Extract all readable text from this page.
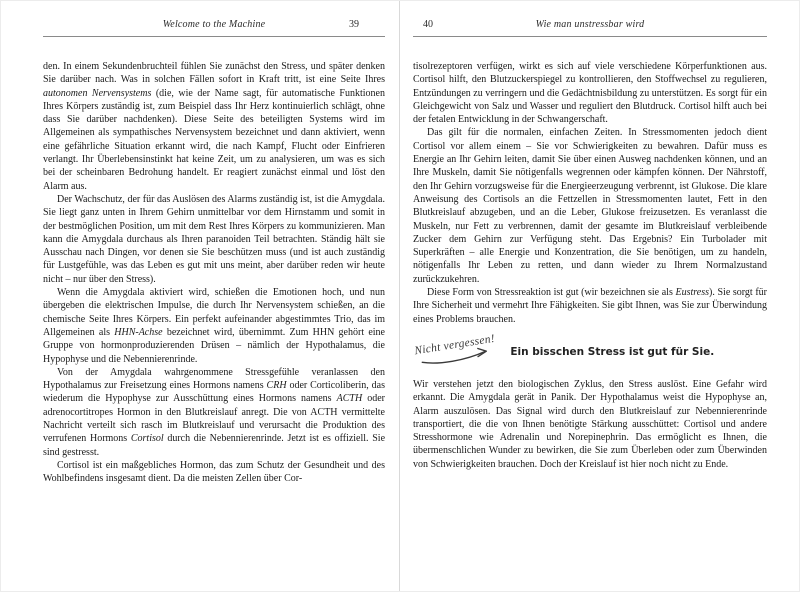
Welcome to the Machine	39

den. In einem Sekundenbruchteil fühlen Sie zunächst den Stress, und später denken Sie darüber nach. Was in solchen Fällen sofort in Kraft tritt, ist eine Seite Ihres autonomen Nervensystems (die, wie der Name sagt, für automatische Funktionen Ihres Körpers zuständig ist, zum Beispiel dass Ihr Herz kontinuierlich schlägt, ohne dass Sie darüber nachdenken). Diese Seite des beteiligten Systems wird im Allgemeinen als sympathisches Nervensystem bezeichnet und dann aktiviert, wenn eine gefährliche Situation erkannt wird, die nach Kampf, Flucht oder Einfrieren verlangt. Ihr Überlebensinstinkt hat keine Zeit, um zu analysieren, um was es sich bei der scheinbaren Bedrohung handelt. Er reagiert zunächst einmal und löst den Alarm aus.

Der Wachschutz, der für das Auslösen des Alarms zuständig ist, ist die Amygdala. Sie liegt ganz unten in Ihrem Gehirn unmittelbar vor dem Hirnstamm und somit in der bestmöglichen Position, um mit dem Rest Ihres Körpers zu kommunizieren. Man kann die Amygdala durchaus als Ihren paranoiden Teil betrachten. Ständig hält sie Ausschau nach Dingen, vor denen sie Sie beschützen muss (und ist auch zuständig für Lustgefühle, was das Leben es gut mit uns meint, aber darüber reden wir heute nicht – nur über den Stress).

Wenn die Amygdala aktiviert wird, schießen die Emotionen hoch, und nun übergeben die elektrischen Impulse, die durch Ihr Nervensystem schießen, an die chemische Seite Ihres Körpers. Ein perfekt aufeinander abgestimmtes Trio, das im Allgemeinen als HHN-Achse bezeichnet wird, übernimmt. Zum HHN gehört eine Gruppe von hormonproduzierenden Drüsen – nämlich der Hypothalamus, die Hypophyse und die Nebennierenrinde.

Von der Amygdala wahrgenommene Stressgefühle veranlassen den Hypothalamus zur Freisetzung eines Hormons namens CRH oder Corticoliberin, das wiederum die Hypophyse zur Ausschüttung eines Hormons namens ACTH oder adrenocortitropes Hormon in den Blutkreislauf anregt. Die von ACTH vermittelte Nachricht verteilt sich rasch im Blutkreislauf und verursacht die Produktion des verrufenen Hormons Cortisol durch die Nebennierenrinde. Jetzt ist es offiziell. Sie sind gestresst.

Cortisol ist ein maßgebliches Hormon, das zum Schutz der Gesundheit und des Wohlbefindens insgesamt dient. Da die meisten Zellen über Cor-

40	Wie man unstressbar wird

tisolrezeptoren verfügen, wirkt es sich auf viele verschiedene Körperfunktionen aus. Cortisol hilft, den Blutzuckerspiegel zu kontrollieren, den Stoffwechsel zu regulieren, Entzündungen zu verringern und die Gedächtnisbildung zu unterstützen. Es sorgt für ein Gleichgewicht von Salz und Wasser und reguliert den Blutdruck. Cortisol hilft auch bei der fetalen Entwicklung in der Schwangerschaft.

Das gilt für die normalen, einfachen Zeiten. In Stressmomenten jedoch dient Cortisol vor allem einem – Sie vor Schwierigkeiten zu bewahren. Dafür muss es Energie an Ihr Gehirn leiten, damit Sie über einen Ausweg nachdenken können, und an Ihre Muskeln, damit Sie nötigenfalls wegrennen oder kämpfen können. Der Nährstoff, den Ihr Gehirn vorzugsweise für die Energieerzeugung verbrennt, ist Glukose. Die klare Anweisung des Cortisols an die Fettzellen in Stressmomenten lautet, Fett in den Blutkreislauf abzugeben, und an die Leber, Glukose freizusetzen. Es veranlasst die Muskeln, nur Fett zu verbrennen, damit der gesamte im Blutkreislauf verbleibende Zucker dem Gehirn zur Verfügung steht. Das Ergebnis? Ein Turbolader mit Superkräften – alle Energie und Konzentration, die Sie benötigen, um zu handeln, nötigenfalls Ihr Leben zu retten, und dann wieder zu Ihrem Normalzustand zurückzukehren.

Diese Form von Stressreaktion ist gut (wir bezeichnen sie als Eustress). Sie sorgt für Ihre Sicherheit und vermehrt Ihre Fähigkeiten. Sie gibt Ihnen, was Sie zur Überwindung eines Problems brauchen.

Nicht vergessen! Ein bisschen Stress ist gut für Sie.

Wir verstehen jetzt den biologischen Zyklus, den Stress auslöst. Eine Gefahr wird erkannt. Die Amygdala gerät in Panik. Der Hypothalamus weist die Hypophyse an, Alarm auszulösen. Das Signal wird durch den Blutkreislauf zur Nebennierenrinde transportiert, die die von Ihnen benötigte Stärkung ausschüttet: Cortisol und andere Stresshormone wie Adrenalin und Norepinephrin. Das ermöglicht es Ihnen, die übermenschlichen Wunder zu bewirken, die Sie zum Überleben oder zum Überwinden von Schwierigkeiten brauchen. Doch der Kreislauf ist hier noch nicht zu Ende.
